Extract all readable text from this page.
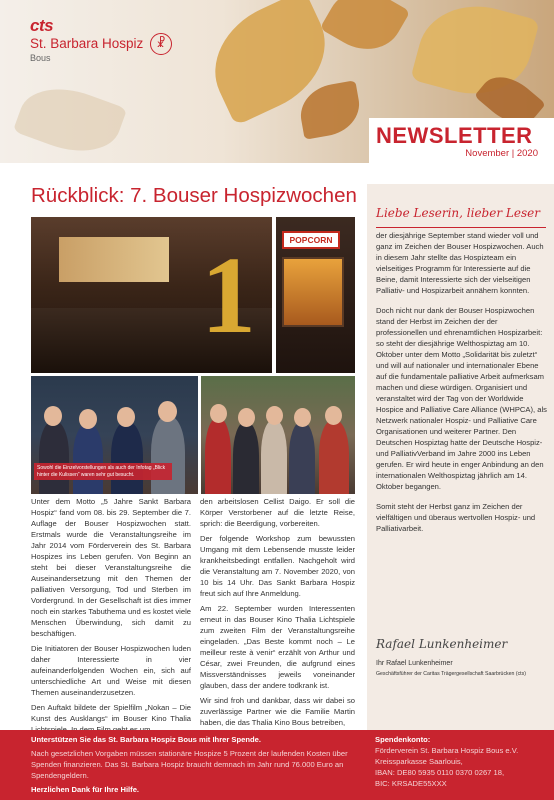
cts
St. Barbara Hospiz
Bous
☧
NEWSLETTER
November | 2020
Rückblick: 7. Bouser Hospizwochen
1	POPCORN
Sowohl die Einzelvorstellungen als auch der Infotag „Blick hinter die Kulissen“ waren sehr gut besucht.

Unter dem Motto „5 Jahre Sankt Barbara Hospiz“ fand vom 08. bis 29. September die 7. Auflage der Bouser Hospizwochen statt. Erstmals wurde die Veranstaltungsreihe im Jahr 2014 vom Förderverein des St. Barbara Hospizes ins Leben gerufen. Von Beginn an steht bei dieser Veranstaltungsreihe die Auseinandersetzung mit den Themen der palliativen Versorgung, Tod und Sterben im Vordergrund. In der Gesellschaft ist dies immer noch ein starkes Tabuthema und es kostet viele Menschen Überwindung, sich damit zu beschäftigen.

Die Initiatoren der Bouser Hospizwochen luden daher Interessierte in vier aufeinanderfolgenden Wochen ein, sich auf unterschiedliche Art und Weise mit diesen Themen auseinanderzusetzen.

Den Auftakt bildete der Spielfilm „Nokan – Die Kunst des Ausklangs“ im Bouser Kino Thalia

den arbeitslosen Cellist Daigo. Er soll die Körper Verstorbener auf die letzte Reise, sprich: die Beerdigung, vorbereiten.

Der folgende Workshop zum bewussten Umgang mit dem Lebensende musste leider krankheitsbedingt entfallen. Nachgeholt wird die Veranstaltung am 7. November 2020, von 10 bis 14 Uhr. Das Sankt Barbara Hospiz freut sich auf Ihre Anmeldung.

Am 22. September wurden Interessenten erneut in das Bouser Kino Thalia Lichtspiele zum zweiten Film der Veranstaltungsreihe eingeladen. „Das Beste kommt noch – Le meilleur reste à venir“ erzählt von Arthur und César, zwei Freunden, die aufgrund eines Missverständnisses jeweils voneinander glauben, dass der andere todkrank ist.

Wir sind froh und dankbar, dass wir dabei so zuverlässige Partner wie die Familie Martin haben, die das Thalia Kino Bous betreiben,

Liebe Leserin, lieber Leser

der diesjährige September stand wieder voll und ganz im Zeichen der Bouser Hospizwochen. Auch in diesem Jahr stellte das Hospizteam ein vielseitiges Programm für Interessierte auf die Beine, damit Interessierte sich der vielseitigen Palliativ- und Hospizarbeit annähern konnten.

Doch nicht nur dank der Bouser Hospizwochen stand der Herbst im Zeichen der der professionellen und ehrenamtlichen Hospizarbeit: so steht der diesjährige Welthospiztag am 10. Oktober unter dem Motto „Solidarität bis zuletzt“ und will auf nationaler und internationaler Ebene auf die fundamentale palliative Arbeit aufmerksam machen und diese würdigen. Organisiert und veranstaltet wird der Tag von der Worldwide Hospice and Palliative Care Alliance (WHPCA), als Netzwerk nationaler Hospiz- und Palliative Care Organisationen und weiterer Partner. Den Deutschen Hospiztag hatte der Deutsche Hospiz- und PalliativVerband im Jahre 2000 ins Leben gerufen. Er wird heute in enger Anbindung an den internationalen Welthospiztag jährlich am 14. Oktober begangen.

Somit steht der Herbst ganz im Zeichen der vielfältigen und überaus wertvollen Hospiz- und Palliativarbeit.

Rafael Lunkenheimer
Ihr Rafael Lunkenheimer
Geschäftsführer der Caritas Trägergesellschaft Saarbrücken (cts)
Unterstützen Sie das St. Barbara Hospiz Bous mit Ihrer Spende.
Nach gesetzlichen Vorgaben müssen stationäre Hospize 5 Prozent der laufenden Kosten über Spenden finanzieren. Das St. Barbara Hospiz braucht demnach im Jahr rund 76.000 Euro an Spendengeldern.
Herzlichen Dank für Ihre Hilfe.
Spendenkonto:
Förderverein St. Barbara Hospiz Bous e.V.
Kreissparkasse Saarlouis,
IBAN: DE80 5935 0110 0370 0267 18,
BIC: KRSADE55XXX
